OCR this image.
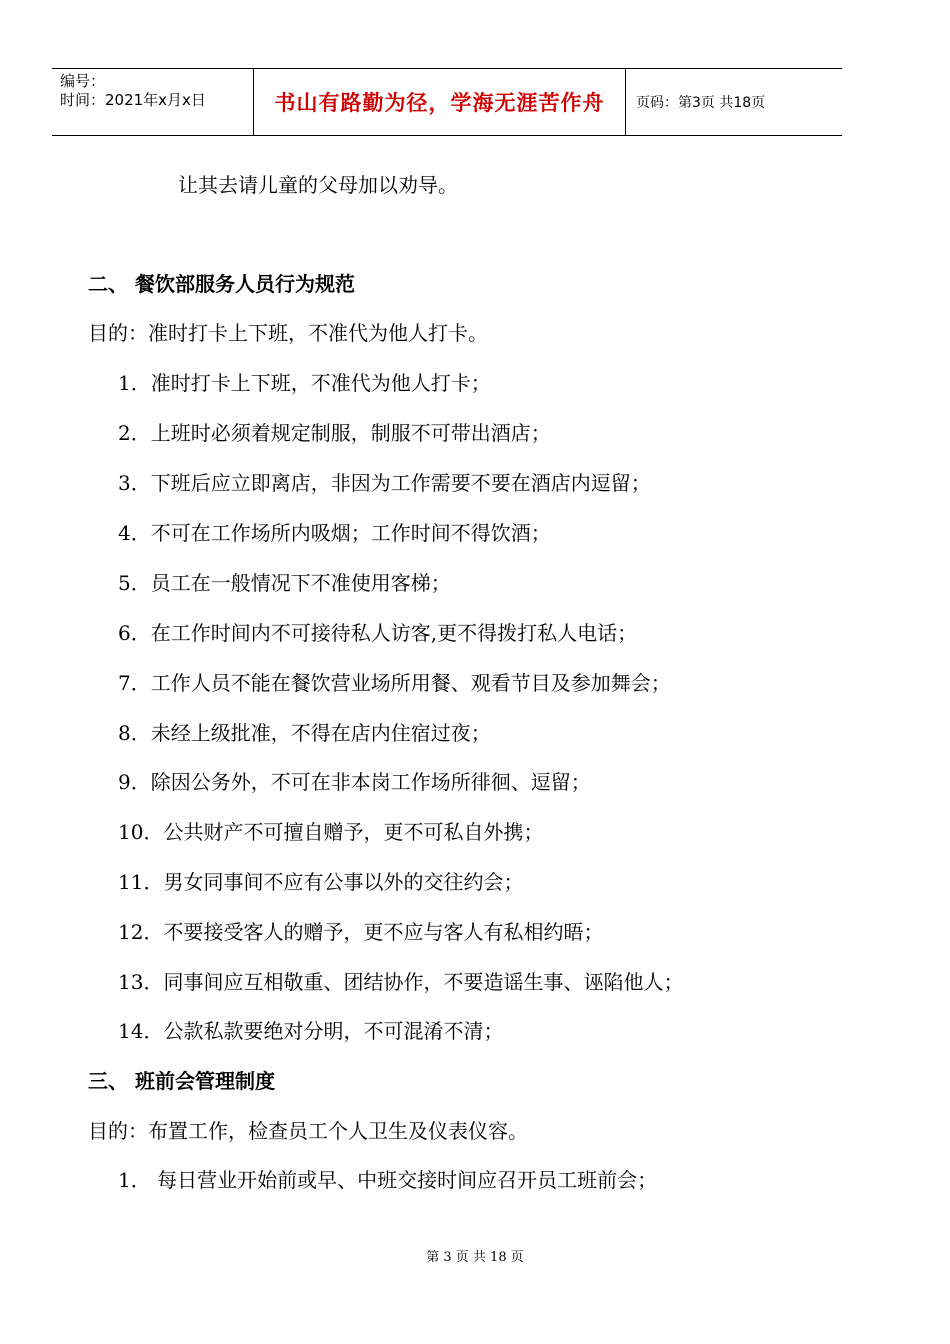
编号：
时间：2021年x月x日	书山有路勤为径，学海无涯苦作舟 页码：第3页 共18页
让其去请儿童的父母加以劝导。
二、 餐饮部服务人员行为规范
目的：准时打卡上下班，不准代为他人打卡。
1．准时打卡上下班，不准代为他人打卡；
2．上班时必须着规定制服，制服不可带出酒店；
3．下班后应立即离店，非因为工作需要不要在酒店内逗留；
4．不可在工作场所内吸烟；工作时间不得饮酒；
5．员工在一般情况下不准使用客梯；
6．在工作时间内不可接待私人访客,更不得拨打私人电话；
7．工作人员不能在餐饮营业场所用餐、观看节目及参加舞会；
8．未经上级批准，不得在店内住宿过夜；
9．除因公务外，不可在非本岗工作场所徘徊、逗留；
10．公共财产不可擅自赠予，更不可私自外携；
11．男女同事间不应有公事以外的交往约会；
12．不要接受客人的赠予，更不应与客人有私相约晤；
13．同事间应互相敬重、团结协作，不要造谣生事、诬陷他人；
14．公款私款要绝对分明，不可混淆不清；
三、 班前会管理制度
目的：布置工作，检查员工个人卫生及仪表仪容。
1． 每日营业开始前或早、中班交接时间应召开员工班前会；
第 3 页 共 18 页
